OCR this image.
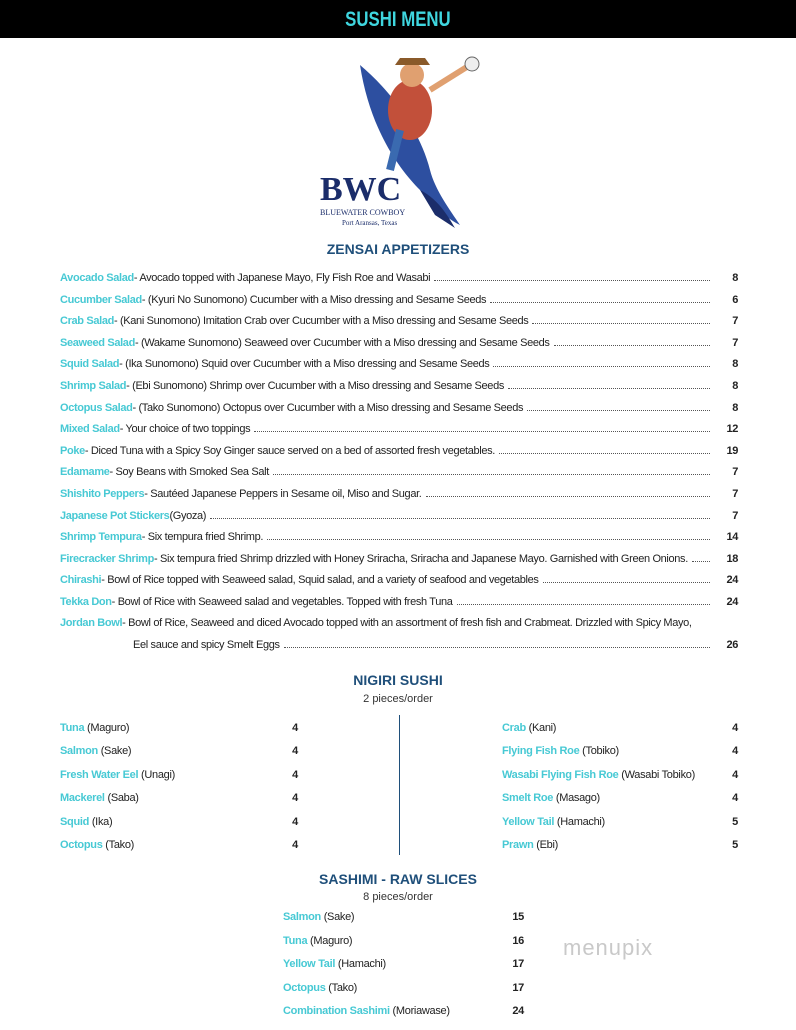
SUSHI MENU
BWC
BLUEWATER COWBOY
Port Aransas, Texas
ZENSAI APPETIZERS
Avocado Salad - Avocado topped with Japanese Mayo, Fly Fish Roe and Wasabi	8
Cucumber Salad - (Kyuri No Sunomono) Cucumber with a Miso dressing and Sesame Seeds	6
Crab Salad - (Kani Sunomono) Imitation Crab over Cucumber with a Miso dressing and Sesame Seeds	7
Seaweed Salad - (Wakame Sunomono) Seaweed over Cucumber with a Miso dressing and Sesame Seeds	7
Squid Salad - (Ika Sunomono) Squid over Cucumber with a Miso dressing and Sesame Seeds	8
Shrimp Salad - (Ebi Sunomono) Shrimp over Cucumber with a Miso dressing and Sesame Seeds	8
Octopus Salad - (Tako Sunomono) Octopus over Cucumber with a Miso dressing and Sesame Seeds	8
Mixed Salad - Your choice of two toppings	12
Poke - Diced Tuna with a Spicy Soy Ginger sauce served on a bed of assorted fresh vegetables.	19
Edamame - Soy Beans with Smoked Sea Salt	7
Shishito Peppers - Sautéed Japanese Peppers in Sesame oil, Miso and Sugar.	7
Japanese Pot Stickers (Gyoza)	7
Shrimp Tempura - Six tempura fried Shrimp.	14
Firecracker Shrimp - Six tempura fried Shrimp drizzled with Honey Sriracha, Sriracha and Japanese Mayo. Garnished with Green Onions.	18
Chirashi - Bowl of Rice topped with Seaweed salad, Squid salad, and a variety of seafood and vegetables	24
Tekka Don - Bowl of Rice with Seaweed salad and vegetables. Topped with fresh Tuna	24
Jordan Bowl - Bowl of Rice, Seaweed and diced Avocado topped with an assortment of fresh fish and Crabmeat. Drizzled with Spicy Mayo,
Eel sauce and spicy Smelt Eggs	26
NIGIRI SUSHI
2 pieces/order
Tuna (Maguro)	4
Salmon (Sake)	4
Fresh Water Eel (Unagi)	4
Mackerel (Saba)	4
Squid (Ika)	4
Octopus (Tako)	4
Crab (Kani)	4
Flying Fish Roe (Tobiko)	4
Wasabi Flying Fish Roe (Wasabi Tobiko)	4
Smelt Roe (Masago)	4
Yellow Tail (Hamachi)	5
Prawn (Ebi)	5
SASHIMI - RAW SLICES
8 pieces/order
Salmon (Sake)	15
Tuna (Maguro)	16
Yellow Tail (Hamachi)	17
Octopus (Tako)	17
Combination Sashimi (Moriawase)	24
menupix
